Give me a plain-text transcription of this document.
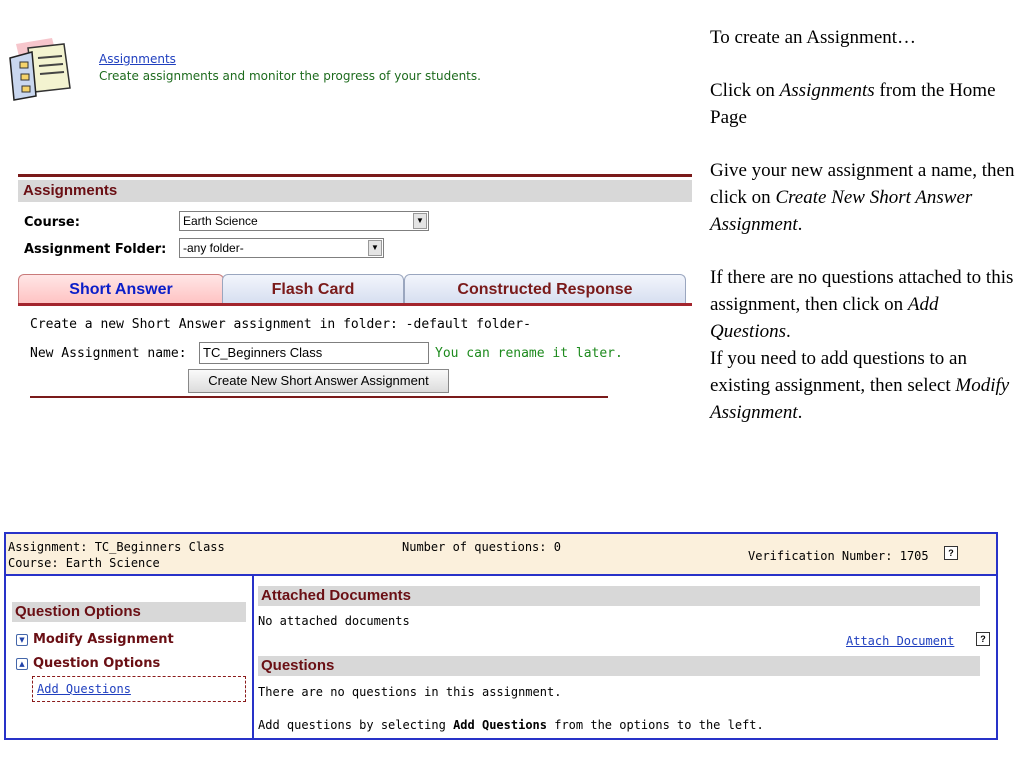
Assignments
Create assignments and monitor the progress of your students.

To create an Assignment…

Click on Assignments from the Home Page

Give your new assignment a name, then click on Create New Short Answer Assignment.

If there are no questions attached to this assignment, then click on Add Questions.

If you need to add questions to an existing assignment, then select Modify Assignment.

Assignments
Course:	Earth Science	▼
Assignment Folder:	-any folder-	▼
Short Answer	Flash Card	Constructed Response
Create a new Short Answer assignment in folder: -default folder-
New Assignment name:	TC_Beginners Class	You can rename it later.
Create New Short Answer Assignment
Assignment: TC_Beginners Class
Course: Earth Science
Number of questions: 0
Verification Number: 1705	?
Question Options
▼ Modify Assignment
▲ Question Options
Add Questions
Attached Documents
No attached documents
Attach Document	?
Questions
There are no questions in this assignment.
Add questions by selecting Add Questions from the options to the left.
